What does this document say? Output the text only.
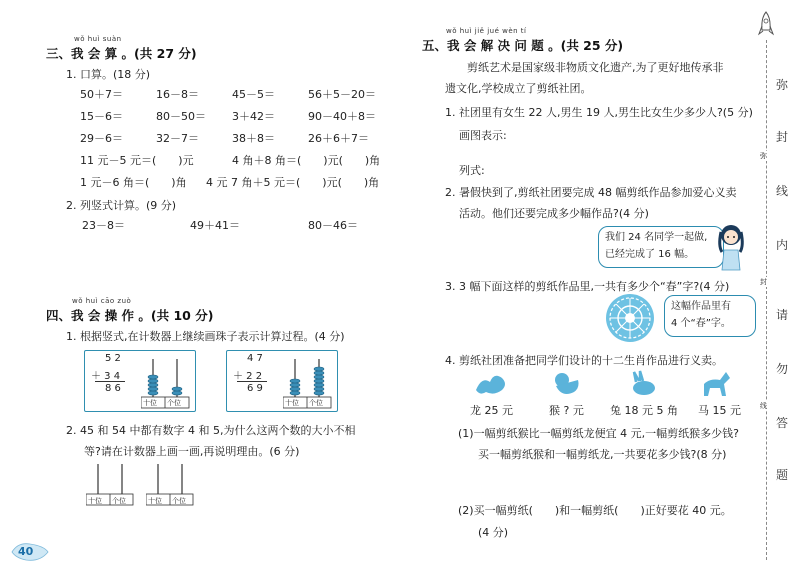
wǒ huì suàn
三、我 会 算 。(共 27 分)
1. 口算。(18 分)
50＋7＝	16－8＝	45－5＝	56＋5－20＝
15－6＝	80－50＝ 3＋42＝	90－40＋8＝
29－6＝	32－7＝	38＋8＝	26＋6＋7＝
11 元－5 元＝(　　)元	4 角＋8 角＝(　　)元(　　)角
1 元－6 角＝(　　)角 4 元 7 角＋5 元＝(　　)元(　　)角
2. 列竖式计算。(9 分)
23－8＝	49＋41＝	80－46＝
wǒ huì cāo zuò
四、我 会 操 作 。(共 10 分)
1. 根据竖式,在计数器上继续画珠子表示计算过程。(4 分)
5 2
＋ 3 4
8 6
十位 个位
4 7
＋ 2 2
6 9
十位 个位
2. 45 和 54 中都有数字 4 和 5,为什么这两个数的大小不相
等?请在计数器上画一画,再说明理由。(6 分)
十位 个位	十位 个位
40
wǒ huì jiě jué wèn tí
五、我 会 解 决 问 题 。(共 25 分)
剪纸艺术是国家级非物质文化遗产,为了更好地传承非
遗文化,学校成立了剪纸社团。
1. 社团里有女生 22 人,男生 19 人,男生比女生少多少人?(5 分)
画图表示:
列式:
2. 暑假快到了,剪纸社团要完成 48 幅剪纸作品参加爱心义卖
活动。他们还要完成多少幅作品?(4 分)
我们 24 名同学一起做,
已经完成了 16 幅。
3. 3 幅下面这样的剪纸作品里,一共有多少个“春”字?(4 分)
这幅作品里有
4 个“春”字。
4. 剪纸社团准备把同学们设计的十二生肖作品进行义卖。
龙 25 元	猴 ? 元 兔 18 元 5 角 马 15 元
(1)一幅剪纸猴比一幅剪纸龙便宜 4 元,一幅剪纸猴多少钱?
买一幅剪纸猴和一幅剪纸龙,一共要花多少钱?(8 分)
(2)买一幅剪纸(　　)和一幅剪纸(　　)正好要花 40 元。
(4 分)
弥
封
弥
线
内
封
请
勿
线
答
题
